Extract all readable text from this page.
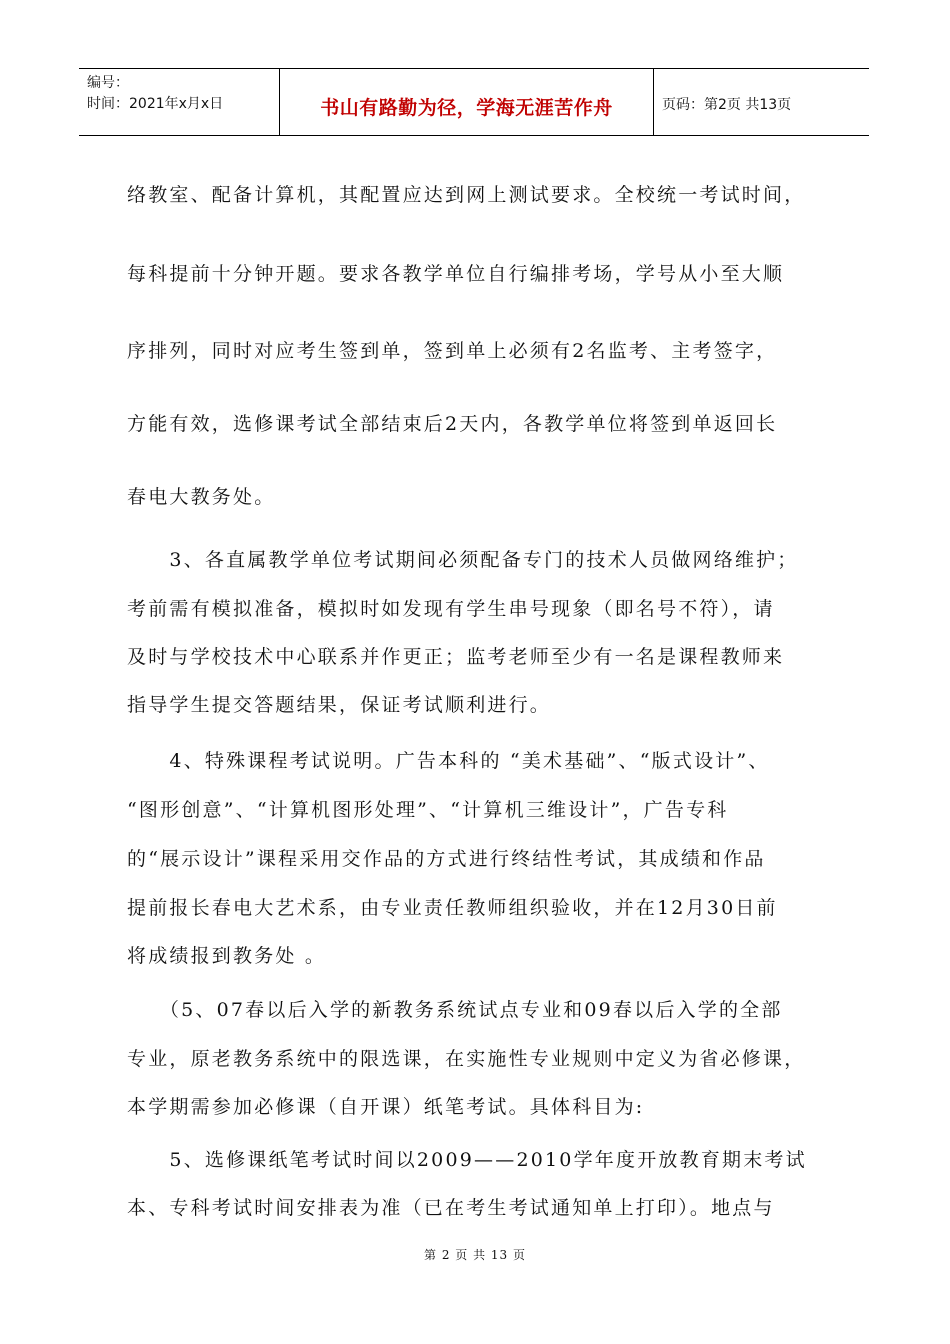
编号：
时间：2021年x月x日	书山有路勤为径，学海无涯苦作舟	页码：第2页 共13页
络教室、配备计算机，其配置应达到网上测试要求。全校统一考试时间，
每科提前十分钟开题。要求各教学单位自行编排考场，学号从小至大顺
序排列，同时对应考生签到单，签到单上必须有2名监考、主考签字，
方能有效，选修课考试全部结束后2天内，各教学单位将签到单返回长
春电大教务处。
　　3、各直属教学单位考试期间必须配备专门的技术人员做网络维护；
考前需有模拟准备，模拟时如发现有学生串号现象（即名号不符），请
及时与学校技术中心联系并作更正；监考老师至少有一名是课程教师来
指导学生提交答题结果，保证考试顺利进行。
　　4、特殊课程考试说明。广告本科的 “美术基础”、“版式设计”、
“图形创意”、“计算机图形处理”、“计算机三维设计”，广告专科
的“展示设计”课程采用交作品的方式进行终结性考试，其成绩和作品
提前报长春电大艺术系，由专业责任教师组织验收，并在12月30日前
将成绩报到教务处 。
　　（5、07春以后入学的新教务系统试点专业和09春以后入学的全部
专业，原老教务系统中的限选课，在实施性专业规则中定义为省必修课，
本学期需参加必修课（自开课）纸笔考试。具体科目为:
　　5、选修课纸笔考试时间以2009——2010学年度开放教育期末考试
本、专科考试时间安排表为准（已在考生考试通知单上打印）。地点与
第 2 页 共 13 页
